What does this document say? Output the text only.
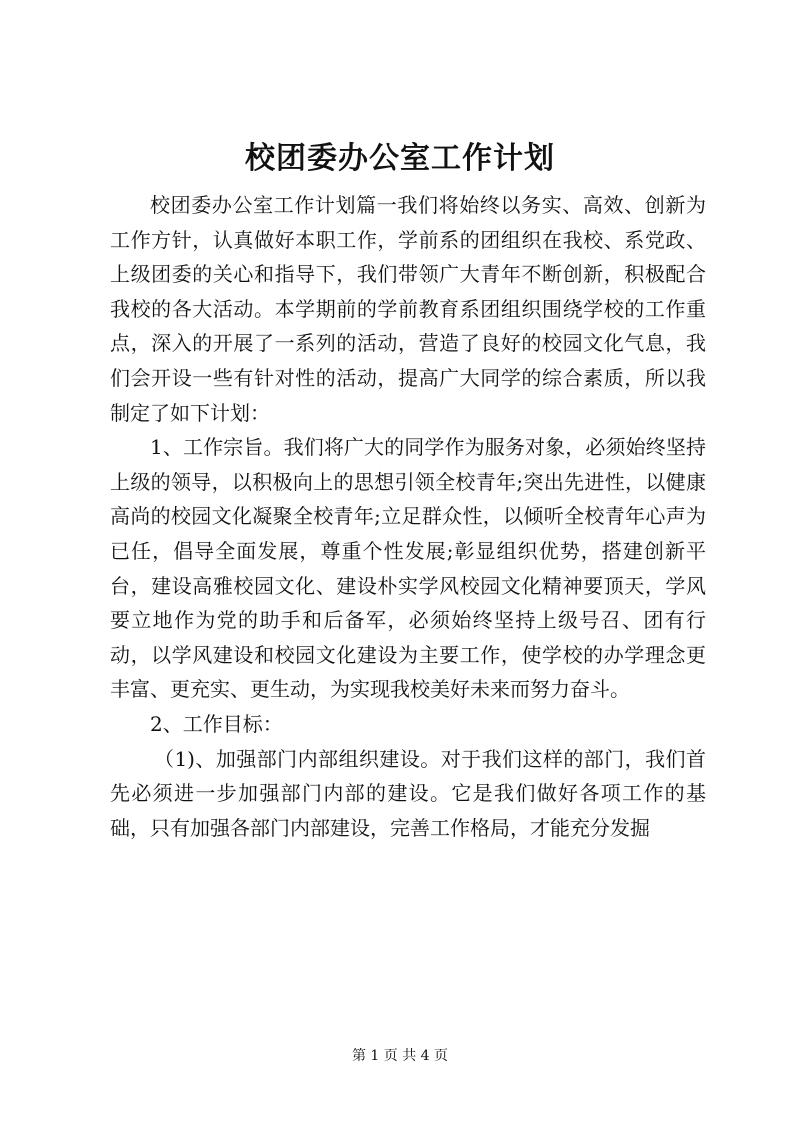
校团委办公室工作计划

校团委办公室工作计划篇一我们将始终以务实、高效、创新为工作方针，认真做好本职工作，学前系的团组织在我校、系党政、上级团委的关心和指导下，我们带领广大青年不断创新，积极配合我校的各大活动。本学期前的学前教育系团组织围绕学校的工作重点，深入的开展了一系列的活动，营造了良好的校园文化气息，我们会开设一些有针对性的活动，提高广大同学的综合素质，所以我制定了如下计划：

1、工作宗旨。我们将广大的同学作为服务对象，必须始终坚持上级的领导，以积极向上的思想引领全校青年;突出先进性，以健康高尚的校园文化凝聚全校青年;立足群众性，以倾听全校青年心声为已任，倡导全面发展，尊重个性发展;彰显组织优势，搭建创新平台，建设高雅校园文化、建设朴实学风校园文化精神要顶天，学风要立地作为党的助手和后备军，必须始终坚持上级号召、团有行动，以学风建设和校园文化建设为主要工作，使学校的办学理念更丰富、更充实、更生动，为实现我校美好未来而努力奋斗。

2、工作目标：

（1)、加强部门内部组织建设。对于我们这样的部门，我们首先必须进一步加强部门内部的建设。它是我们做好各项工作的基础，只有加强各部门内部建设，完善工作格局，才能充分发掘

第 1 页 共 4 页
